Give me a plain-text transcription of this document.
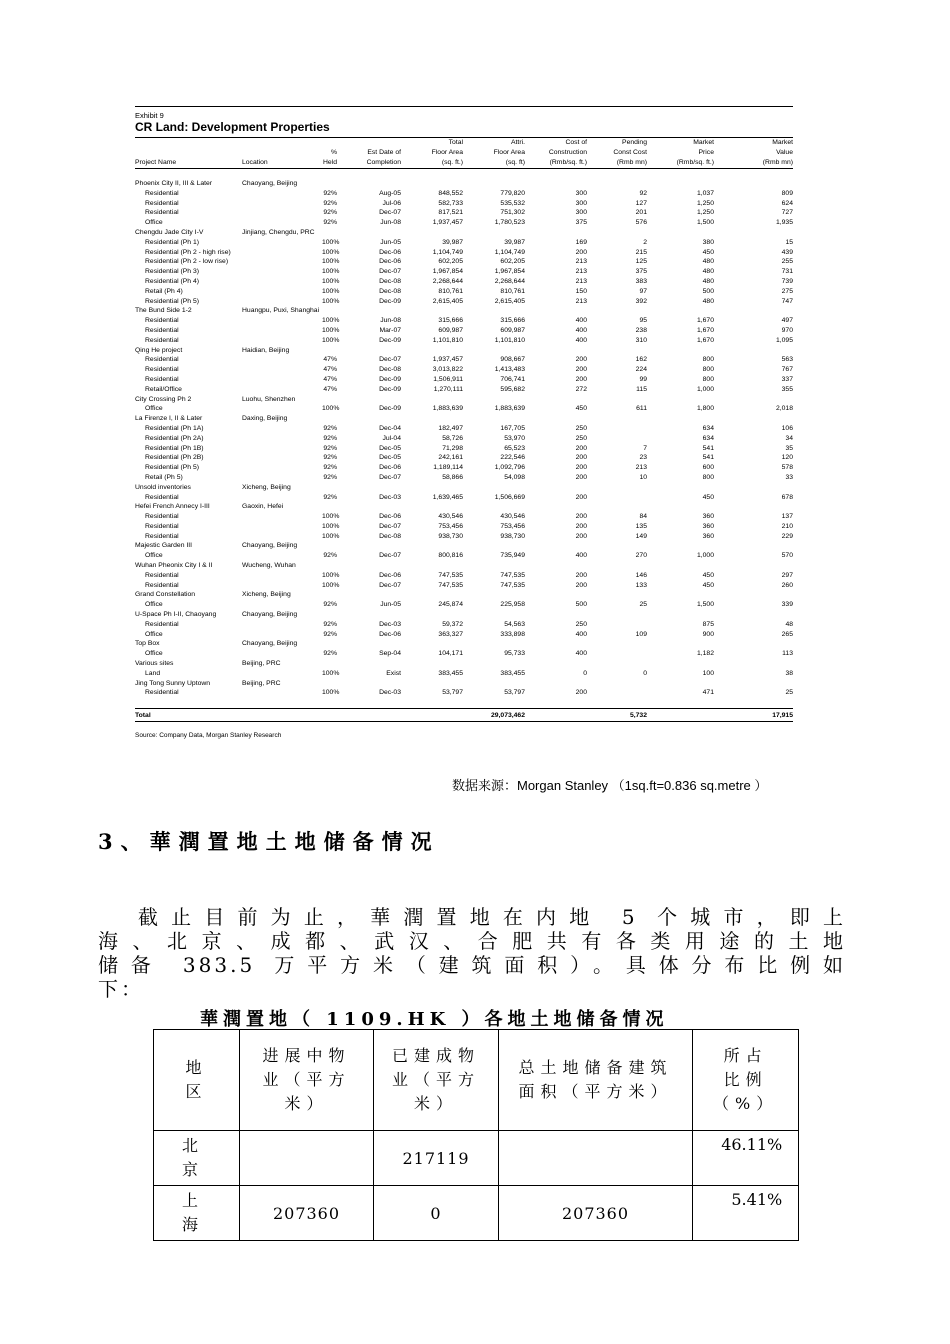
Exhibit 9
CR Land: Development Properties
				Total	Attri.	Cost of	Pending	Market	Market
		%	Est Date of	Floor Area	Floor Area	Construction	Const Cost	Price	Value
Project Name	Location	Held	Completion	(sq. ft.)	(sq. ft)	(Rmb/sq. ft.)	(Rmb mn)	(Rmb/sq. ft.)	(Rmb mn)

Phoenix City II, III & Later	Chaoyang, Beijing								
Residential		92%	Aug-05	848,552	779,820	300	92	1,037	809
Residential		92%	Jul-06	582,733	535,532	300	127	1,250	624
Residential		92%	Dec-07	817,521	751,302	300	201	1,250	727
Office		92%	Jun-08	1,937,457	1,780,523	375	576	1,500	1,935
Chengdu Jade City I-V	Jinjiang, Chengdu, PRC								
Residential (Ph 1)		100%	Jun-05	39,987	39,987	169	2	380	15
Residential (Ph 2 - high rise)		100%	Dec-06	1,104,749	1,104,749	200	215	450	439
Residential (Ph 2 - low rise)		100%	Dec-06	602,205	602,205	213	125	480	255
Residential (Ph 3)		100%	Dec-07	1,967,854	1,967,854	213	375	480	731
Residential (Ph 4)		100%	Dec-08	2,268,644	2,268,644	213	383	480	739
Retail (Ph 4)		100%	Dec-08	810,761	810,761	150	97	500	275
Residential (Ph 5)		100%	Dec-09	2,615,405	2,615,405	213	392	480	747
The Bund Side 1-2	Huangpu, Puxi, Shanghai								
Residential		100%	Jun-08	315,666	315,666	400	95	1,670	497
Residential		100%	Mar-07	609,987	609,987	400	238	1,670	970
Residential		100%	Dec-09	1,101,810	1,101,810	400	310	1,670	1,095
Qing He project	Haidian, Beijing								
Residential		47%	Dec-07	1,937,457	908,667	200	162	800	563
Residential		47%	Dec-08	3,013,822	1,413,483	200	224	800	767
Residential		47%	Dec-09	1,506,911	706,741	200	99	800	337
Retail/Office		47%	Dec-09	1,270,111	595,682	272	115	1,000	355
City Crossing Ph 2	Luohu, Shenzhen								
Office		100%	Dec-09	1,883,639	1,883,639	450	611	1,800	2,018
La Firenze I, II & Later	Daxing, Beijing								
Residential (Ph 1A)		92%	Dec-04	182,497	167,705	250		634	106
Residential (Ph 2A)		92%	Jul-04	58,726	53,970	250		634	34
Residential (Ph 1B)		92%	Dec-05	71,298	65,523	200	7	541	35
Residential (Ph 2B)		92%	Dec-05	242,161	222,546	200	23	541	120
Residential (Ph 5)		92%	Dec-06	1,189,114	1,092,796	200	213	600	578
Retail (Ph 5)		92%	Dec-07	58,866	54,098	200	10	800	33
Unsold inventories	Xicheng, Beijing								
Residential		92%	Dec-03	1,639,465	1,506,669	200		450	678
Hefei French Annecy I-III	Gaoxin, Hefei								
Residential		100%	Dec-06	430,546	430,546	200	84	360	137
Residential		100%	Dec-07	753,456	753,456	200	135	360	210
Residential		100%	Dec-08	938,730	938,730	200	149	360	229
Majestic Garden III	Chaoyang, Beijing								
Office		92%	Dec-07	800,816	735,949	400	270	1,000	570
Wuhan Pheonix City I & II	Wucheng, Wuhan								
Residential		100%	Dec-06	747,535	747,535	200	146	450	297
Residential		100%	Dec-07	747,535	747,535	200	133	450	260
Grand Constellation	Xicheng, Beijing								
Office		92%	Jun-05	245,874	225,958	500	25	1,500	339
U-Space Ph I-II, Chaoyang	Chaoyang, Beijing								
Residential		92%	Dec-03	59,372	54,563	250		875	48
Office		92%	Dec-06	363,327	333,898	400	109	900	265
Top Box	Chaoyang, Beijing								
Office		92%	Sep-04	104,171	95,733	400		1,182	113
Various sites	Beijing, PRC								
Land		100%	Exist	383,455	383,455	0	0	100	38
Jing Tong Sunny Uptown	Beijing, PRC								
Residential		100%	Dec-03	53,797	53,797	200		471	25

Total					29,073,462		5,732		17,915
Source: Company Data, Morgan Stanley Research
数据来源：Morgan Stanley （1sq.ft=0.836 sq.metre ）
3、華潤置地土地储备情况
截止目前为止，華潤置地在内地 5 个城市，即上
海、北京、成都、武汉、合肥共有各类用途的土地
储备 383.5 万平方米（建筑面积）。具体分布比例如
下：
華潤置地（ 1109.HK ）各地土地储备情况
地区	进展中物业（平方米）	已建成物业（平方米）	总土地储备建筑面积（平方米）	所占比例（%）

北京		217119		46.11%

上海	207360	0	207360	5.41%
